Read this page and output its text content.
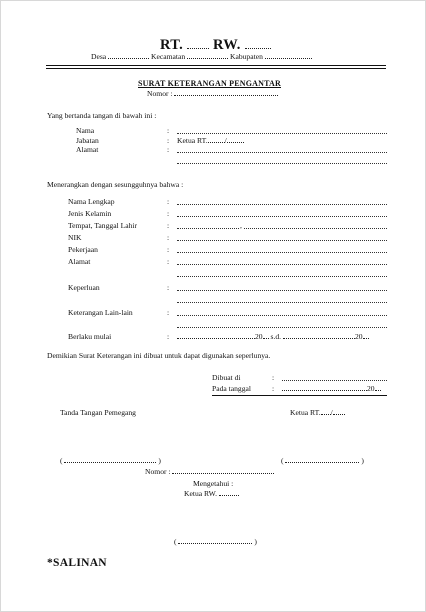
RT. RW.
Desa	Kecamatan	Kabupaten
SURAT KETERANGAN PENGANTAR
Nomor :
Yang bertanda tangan di bawah ini :
Nama	:
Jabatan	: Ketua RT. /
Alamat	:
Menerangkan dengan sesungguhnya bahwa :
Nama Lengkap	:
Jenis Kelamin	:
Tempat, Tanggal Lahir	:	,
NIK	:
Pekerjaan	:
Alamat	:
Keperluan	:
Keterangan Lain-lain	:
Berlaku mulai	:	20 s.d.	20
Demikian Surat Keterangan ini dibuat untuk dapat digunakan seperlunya.
Dibuat di	:
Pada tanggal	:	20
Tanda Tangan Pemegang	Ketua RT. /
(	)	(	)
Nomor :
Mengetahui :
Ketua RW.
(	)
*SALINAN
